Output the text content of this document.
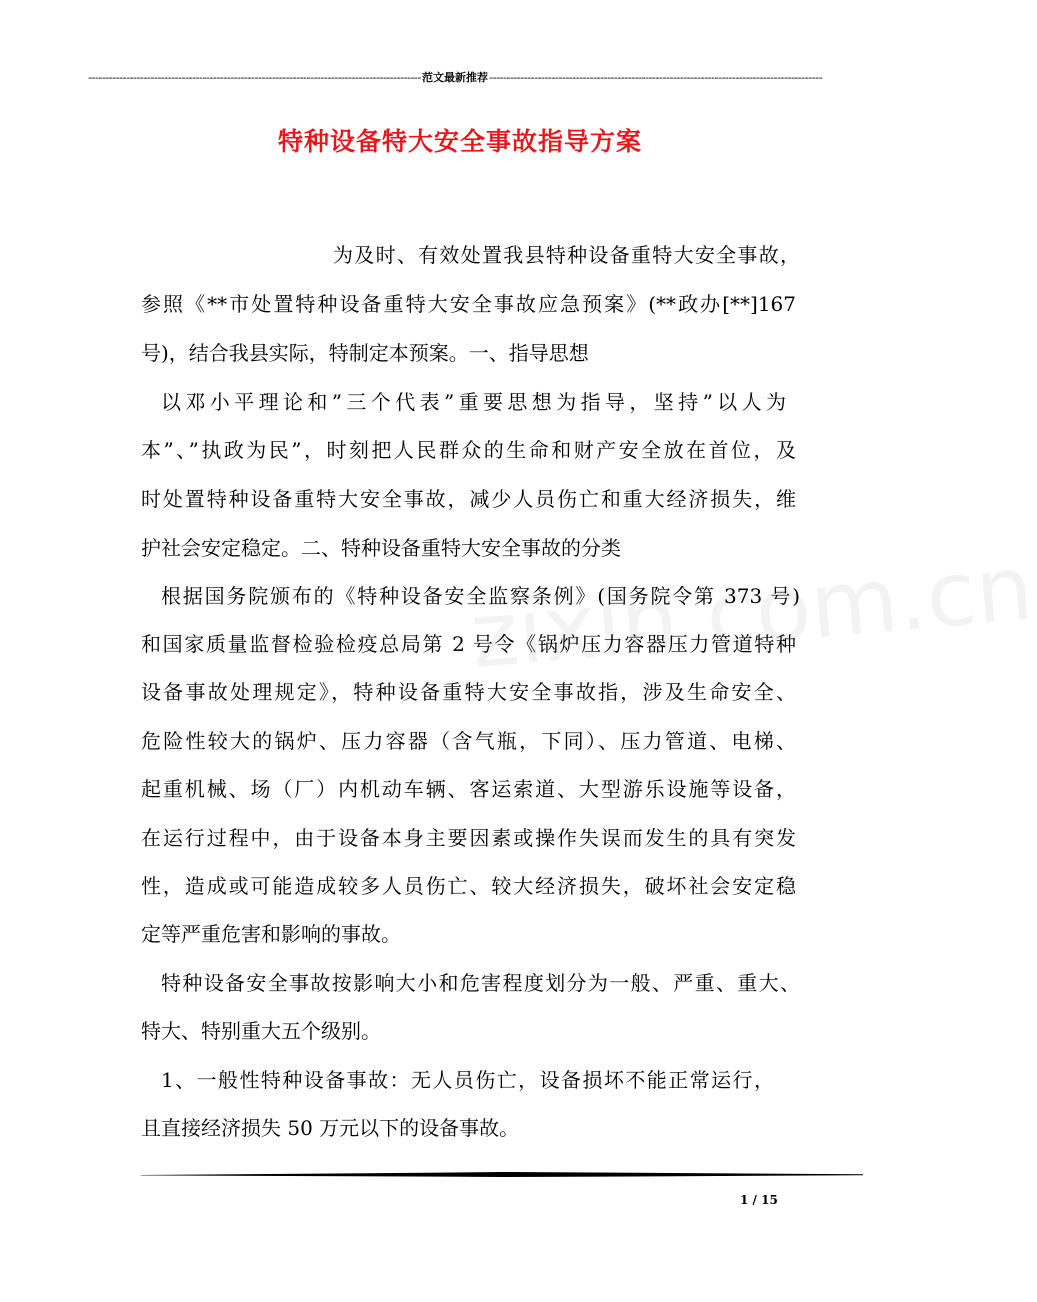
------------------------------------------------------------------------------------------------ 范文最新推荐 ------------------------------------------------------------------------------------------------
特种设备特大安全事故指导方案
为及时、有效处置我县特种设备重特大安全事故，
参照《**市处置特种设备重特大安全事故应急预案》(**政办[**]167
号)，结合我县实际，特制定本预案。一、指导思想
以邓小平理论和”三个代表”重要思想为指导，坚持”以人为
本”、”执政为民”，时刻把人民群众的生命和财产安全放在首位，及
时处置特种设备重特大安全事故，减少人员伤亡和重大经济损失，维
护社会安定稳定。二、特种设备重特大安全事故的分类
根据国务院颁布的《特种设备安全监察条例》(国务院令第 373 号)
和国家质量监督检验检疫总局第 2 号令《锅炉压力容器压力管道特种
设备事故处理规定》，特种设备重特大安全事故指，涉及生命安全、
危险性较大的锅炉、压力容器（含气瓶，下同）、压力管道、电梯、
起重机械、场（厂）内机动车辆、客运索道、大型游乐设施等设备，
在运行过程中，由于设备本身主要因素或操作失误而发生的具有突发
性，造成或可能造成较多人员伤亡、较大经济损失，破坏社会安定稳
定等严重危害和影响的事故。
特种设备安全事故按影响大小和危害程度划分为一般、严重、重大、
特大、特别重大五个级别。
1、一般性特种设备事故：无人员伤亡，设备损坏不能正常运行，
且直接经济损失 50 万元以下的设备事故。
1 / 15
